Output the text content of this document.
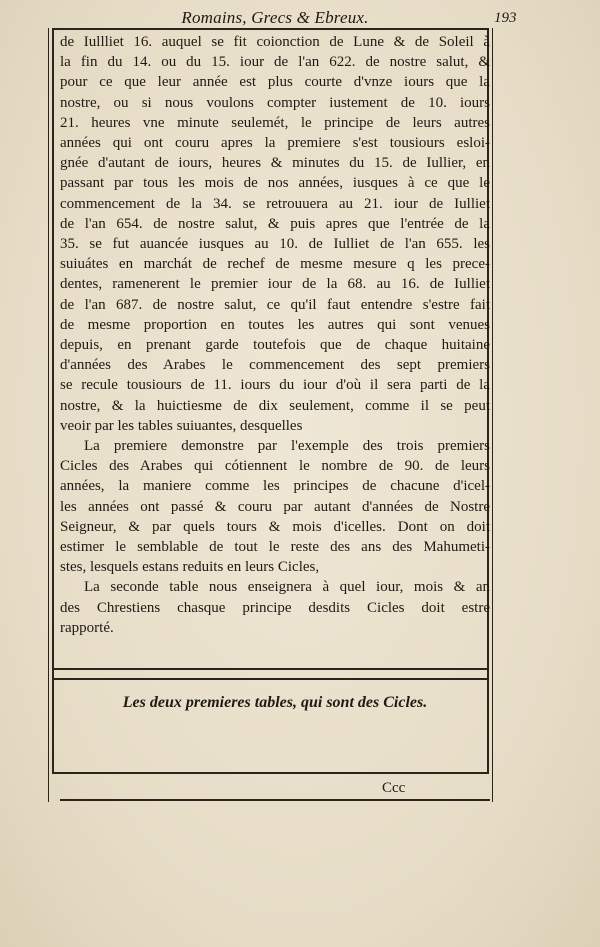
Romains, Grecs & Ebreux.	193

de Iullliet 16. auquel se fit coionction de Lune & de Soleil à
la fin du 14. ou du 15. iour de l'an 622. de nostre salut, &
pour ce que leur année est plus courte d'vnze iours que la
nostre, ou si nous voulons compter iustement de 10. iours
21. heures vne minute seulemét, le principe de leurs autres
années qui ont couru apres la premiere s'est tousiours esloi-
gnée d'autant de iours, heures & minutes du 15. de Iullier, en
passant par tous les mois de nos années, iusques à ce que le
commencement de la 34. se retrouuera au 21. iour de Iulliet
de l'an 654. de nostre salut, & puis apres que l'entrée de la
35. se fut auancée iusques au 10. de Iulliet de l'an 655. les
suiuátes en marchát de rechef de mesme mesure q les prece-
dentes, ramenerent le premier iour de la 68. au 16. de Iulliet
de l'an 687. de nostre salut, ce qu'il faut entendre s'estre fait
de mesme proportion en toutes les autres qui sont venues
depuis, en prenant garde toutefois que de chaque huitaine
d'années des Arabes le commencement des sept premiers
se recule tousiours de 11. iours du iour d'où il sera parti de la
nostre, & la huictiesme de dix seulement, comme il se peut
veoir par les tables suiuantes, desquelles

La premiere demonstre par l'exemple des trois premiers
Cicles des Arabes qui cótiennent le nombre de 90. de leurs
années, la maniere comme les principes de chacune d'icel-
les années ont passé & couru par autant d'années de Nostre
Seigneur, & par quels tours & mois d'icelles. Dont on doit
estimer le semblable de tout le reste des ans des Mahumeti-
stes, lesquels estans reduits en leurs Cicles,

La seconde table nous enseignera à quel iour, mois & an
des Chrestiens chasque principe desdits Cicles doit estre
rapporté.

Les deux premieres tables, qui sont des Cicles.
Ccc
